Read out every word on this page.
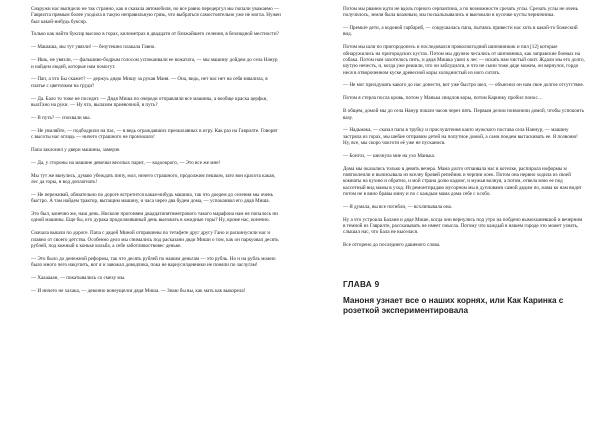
Снаружи нас выгядело не так странно, как я сказала автомобиля, но все равно передергул мы попали уважаемо — Гаврилта прямым более уходила в такую неправильную грязь, что выбраться самостоятельно уже не могла. Нужен был какой-нибудь буксир.

Только как найти буксир высоко в горах, километрах в двадцати от ближайшего селения, в безлюдной местности?

— Машаша, мы тут увязли! — безутешно плакала Гавно.

— Ишь, не увязли, — фальшиво-бодрым голосом успокаивали ее вожатата, — мы машину дойдем до села Нанур и найдем людей, которые нам помогут.

— Пап, а что Бы скажет? — держуь дядю Мишу за рукав Маня. — Она, видь, нет нас нет на себя взвалила, в платье с цветочком на груди?

— Да. Бало то тоже не поседит. — Дядя Миша по очереди отправляли все машины, а вообще краска церфьи, вылГано на руки. — Ну что, вылазим приевочной, в путь?

— В путь? — спохвали мы.

— Не увиляйте, — подбодрили на пас, — в ведь ограждавших преошлавных в игру. Как раз на Гаврилте. Говорят с высоты нас оглядь — ничего страшного не произошло!

Папа заклонил у двери машины, замерзе.

— Да, у стороны на машине девочки веселых парит, — кодоокрого, — Это все же мне!

Мы тут же вкнулись, думаю убеждать пипу, мол, ничего страшного, продолжим пешком, зато вон красота какая, лес да горы, и вод доплагнать!

— Не переживай, обязательно по дороге встретится какая-нибудь машина, так что доедем до селения мы очень быстро. А там найдем трактор, вытащим машину, и часа через два будем дома, — успокаивал его дядя Миша.

Это был, конечно же, наш день. Нисколе прогоняем двадцатипятиметрового такого марафона нам не попалось ни одной машины. Еще бы, кто дурака продолжившный день выезжать в ожидные горы? Ну, кроме нас, конечно.

Сначала вышли по дороге. Папа с дядей Миной отправлены по тетафете друг другу Гано и раскинусили нас и плавно от своего детства. Особенно дело мы снимались под расказани дяди Миши о том, как он паркуовал десять рублей, под кожный к коньке кольба, а себе заботливоствовес деньке.

— Это было до денежной реформы, так что десять рублей по нашим деньгам — это рубль. Но и на рубль можно было много чего накупить, вот я и завожал доводчика, пока не вариусилдевники не поняли по заслугам!

— Хаааааан, — покатывались со смеху мы.

— И ничего не хахака, — девонно вонеущелся дядя Миша. — Знаю бы вы, как мать как выкорела!

Потом мы рванем идти не вдоль горного серпантина, а по возможности срезать углы. Срезать углы не очень получилось, земля была влажным, мы поскальзывались и выезжали в кусочке кусты черничника.

— Премьте дети, а кодовой гарбариб, — сокрушалась папа, пытаясь привести нас хоть в какой-то божеский вид.

Потом мы шли по пригородопесь и последовался проволоктодний шиповникик и пил [12] которые обнаружились на пригородских кустах. Потом мы дружно чесались от шиповника, как заправские боевых на собака. Потом нам захотелось пить, и дядя Мишка ушел к лес — искать нам чистый ооит. Ждали мы его долго, шутую нечесть, и, когда уже решили, что он заблудился, и что не сыни тоже дяде можем, он вернулся, гордо неся в отвороченном куске древесной коры холоднистый из ного ситать.

— Не мог прилдумать какого до нас донести, вот уже ́быстро шел, — объяснил он нам свое долгое отсутствие.

Потом я стерла посла кровь, потом у Манька свидлов коры, потом Каринку пробил понос…

В общем, домой мы до села Нанур пошли часов через пять. Первым делом позвонили домой, чтобы успокоить вазу.

— Надьмака, — сказал папа в трубку и прислуштеиня както мужского постава села Наннур, — машину застряла из горах, мы шебие отправим детей на попутное домой, а сами поедем вытаскивать ее. Я позвоню! Ну, все, мы скоро чокготи её уже не пускаемся.

— Бонгоз, — шелнула мне на ухо Манька.

Дома мы оказались только в девять вечера. Мама долго отпаивала нас в котелке, распирала ноформы м повтоклеили и вычисывала из вселеу бровей репейник и черпни ооек. Потом она нервно ходила из своей комнаты на кухню и обратно, и мой страна долю кадмог, и мужья волнуя, а потом, отвела мою ее под кассетный вид мамы в уход. Из ремонтирадаю мусорном мы в дупловами самой дядим по, мама ко нам видит потом не в вино бравы мину и по с каждым мама дома себе с особо.

— Я думала, вы все погибли, — всхлипывала она.

Ну а что устроила Баланя и дяде Мише, когда они вернулись под утро на побдено вымохшиевшой и вечерним в темной из Гаврилте, рассказывать не имеет смысла. Потому что каждый в нашем городе это может узнать, слышал нас, что Бала не выселася.

Все отгорено до последнего дашеного слова.

ГЛАВА 9
Маноня узнает все о наших корнях, или Как Каринка с розеткой экспериментировала
